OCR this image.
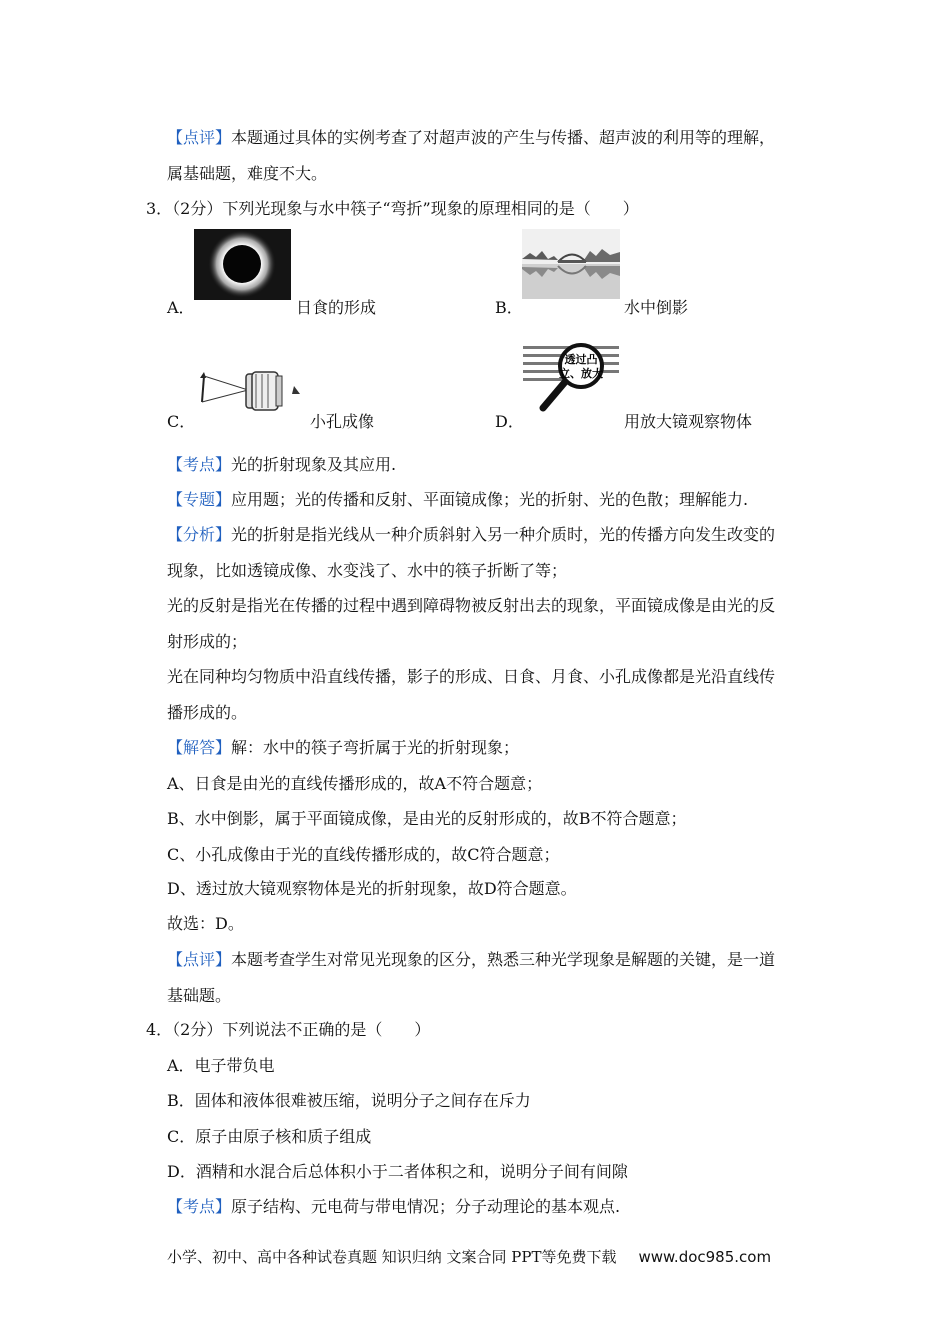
【点评】本题通过具体的实例考查了对超声波的产生与传播、超声波的利用等的理解，
属基础题，难度不大。
3．（2分）下列光现象与水中筷子“弯折”现象的原理相同的是（　　）
A．	日食的形成	B．	水中倒影
C．	小孔成像
透过凸
立、放大
D．	用放大镜观察物体
【考点】光的折射现象及其应用.
【专题】应用题；光的传播和反射、平面镜成像；光的折射、光的色散；理解能力.
【分析】光的折射是指光线从一种介质斜射入另一种介质时，光的传播方向发生改变的
现象，比如透镜成像、水变浅了、水中的筷子折断了等；
光的反射是指光在传播的过程中遇到障碍物被反射出去的现象，平面镜成像是由光的反
射形成的；
光在同种均匀物质中沿直线传播，影子的形成、日食、月食、小孔成像都是光沿直线传
播形成的。
【解答】解：水中的筷子弯折属于光的折射现象；
A、日食是由光的直线传播形成的，故A不符合题意；
B、水中倒影，属于平面镜成像，是由光的反射形成的，故B不符合题意；
C、小孔成像由于光的直线传播形成的，故C符合题意；
D、透过放大镜观察物体是光的折射现象，故D符合题意。
故选：D。
【点评】本题考查学生对常见光现象的区分，熟悉三种光学现象是解题的关键，是一道
基础题。
4．（2分）下列说法不正确的是（　　）
A．电子带负电
B．固体和液体很难被压缩，说明分子之间存在斥力
C．原子由原子核和质子组成
D．酒精和水混合后总体积小于二者体积之和，说明分子间有间隙
【考点】原子结构、元电荷与带电情况；分子动理论的基本观点.
小学、初中、高中各种试卷真题 知识归纳 文案合同 PPT等免费下载 www.doc985.com
